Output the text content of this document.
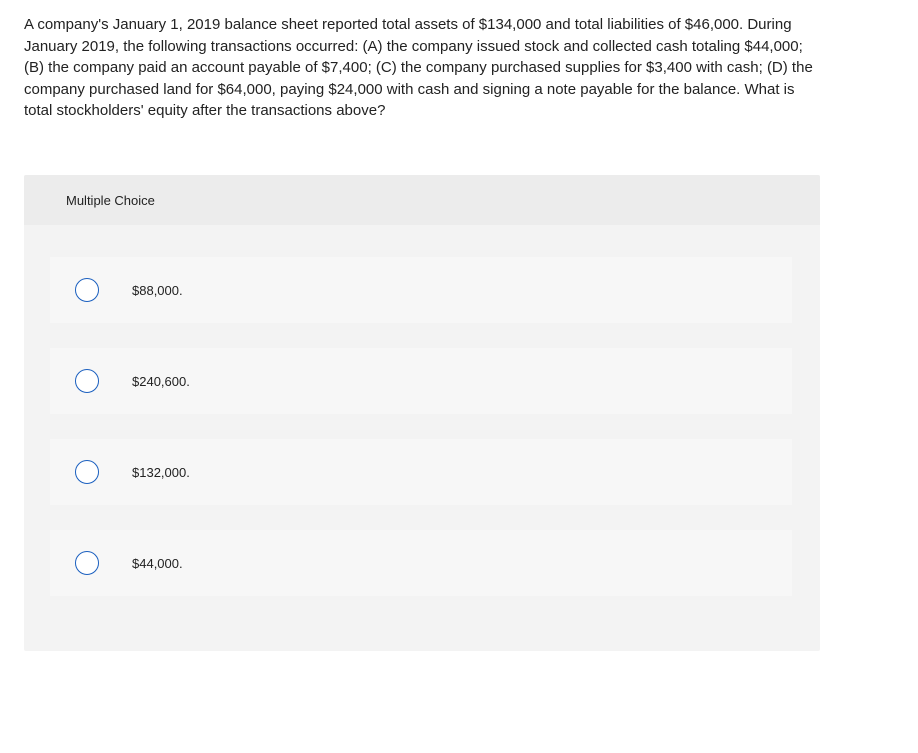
A company's January 1, 2019 balance sheet reported total assets of $134,000 and total liabilities of $46,000. During January 2019, the following transactions occurred: (A) the company issued stock and collected cash totaling $44,000; (B) the company paid an account payable of $7,400; (C) the company purchased supplies for $3,400 with cash; (D) the company purchased land for $64,000, paying $24,000 with cash and signing a note payable for the balance. What is total stockholders' equity after the transactions above?

Multiple Choice
$88,000.
$240,600.
$132,000.
$44,000.
